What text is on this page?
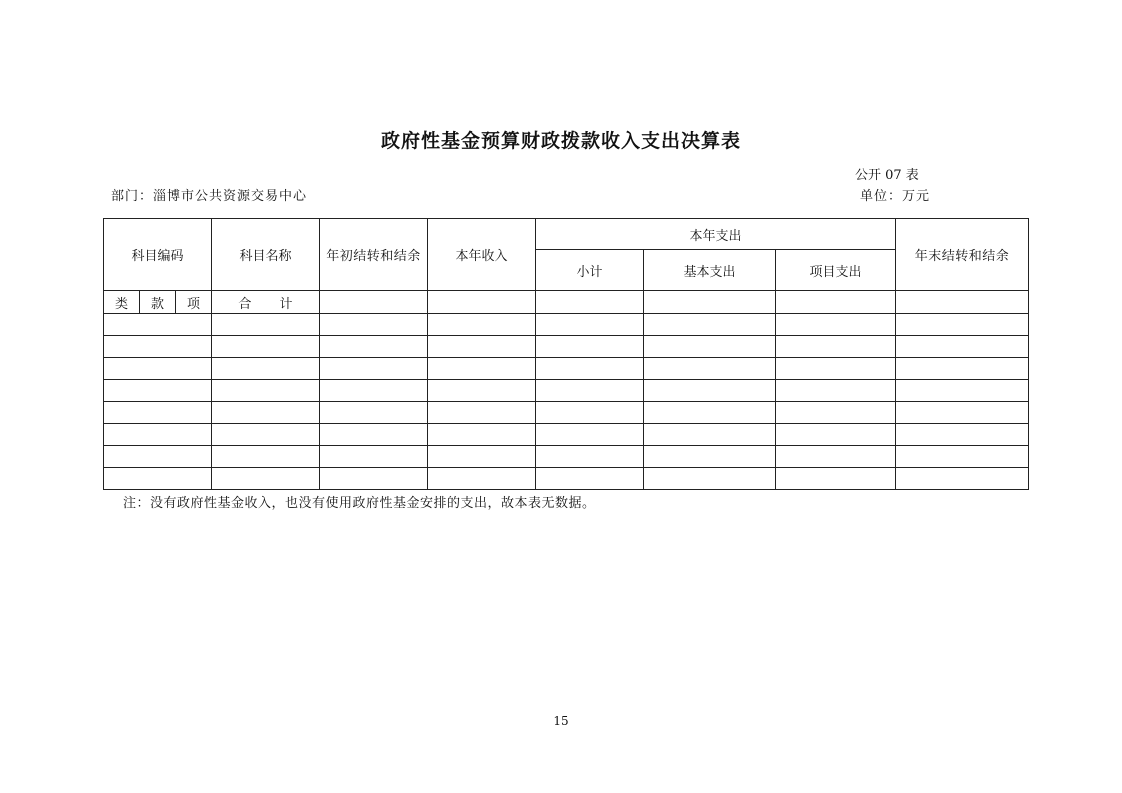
政府性基金预算财政拨款收入支出决算表
公开 07 表
部门：淄博市公共资源交易中心	单位：万元
科目编码	科目名称	年初结转和结余	本年收入	本年支出			年末结转和结余
				小计	基本支出	项目支出	

类 款 项	合 计						

注：没有政府性基金收入，也没有使用政府性基金安排的支出，故本表无数据。
15
